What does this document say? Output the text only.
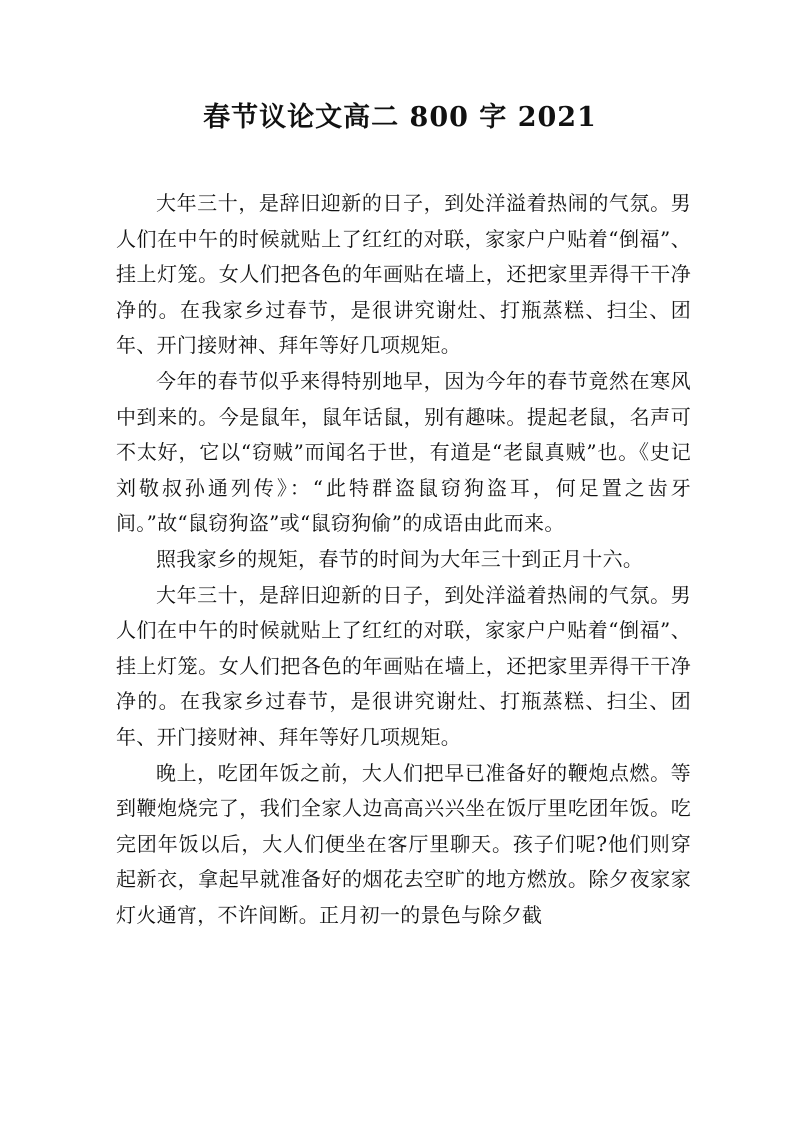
春节议论文高二 800 字 2021

大年三十，是辞旧迎新的日子，到处洋溢着热闹的气氛。男人们在中午的时候就贴上了红红的对联，家家户户贴着“倒福”、挂上灯笼。女人们把各色的年画贴在墙上，还把家里弄得干干净净的。在我家乡过春节，是很讲究谢灶、打瓶蒸糕、扫尘、团年、开门接财神、拜年等好几项规矩。

今年的春节似乎来得特别地早，因为今年的春节竟然在寒风中到来的。今是鼠年，鼠年话鼠，别有趣味。提起老鼠，名声可不太好，它以“窃贼”而闻名于世，有道是“老鼠真贼”也。《史记刘敬叔孙通列传》：“此特群盗鼠窃狗盗耳，何足置之齿牙间。”故“鼠窃狗盗”或“鼠窃狗偷”的成语由此而来。

照我家乡的规矩，春节的时间为大年三十到正月十六。

大年三十，是辞旧迎新的日子，到处洋溢着热闹的气氛。男人们在中午的时候就贴上了红红的对联，家家户户贴着“倒福”、挂上灯笼。女人们把各色的年画贴在墙上，还把家里弄得干干净净的。在我家乡过春节，是很讲究谢灶、打瓶蒸糕、扫尘、团年、开门接财神、拜年等好几项规矩。

晚上，吃团年饭之前，大人们把早已准备好的鞭炮点燃。等到鞭炮烧完了，我们全家人边高高兴兴坐在饭厅里吃团年饭。吃完团年饭以后，大人们便坐在客厅里聊天。孩子们呢?他们则穿起新衣，拿起早就准备好的烟花去空旷的地方燃放。除夕夜家家灯火通宵，不许间断。正月初一的景色与除夕截
